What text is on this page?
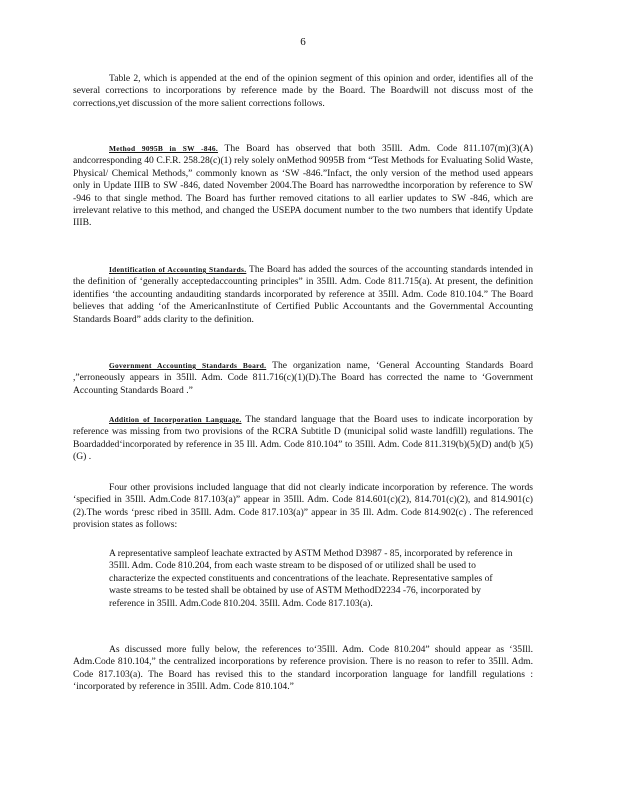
6

Table 2, which is appended at the end of the opinion segment of this opinion and order, identifies all of the several corrections to incorporations by reference made by the Board. The Boardwill not discuss most of the corrections,yet discussion of the more salient corrections follows.

Method 9095B in SW -846. The Board has observed that both 35Ill. Adm. Code 811.107(m)(3)(A) andcorresponding 40 C.F.R. 258.28(c)(1) rely solely onMethod 9095B from “Test Methods for Evaluating Solid Waste, Physical/ Chemical Methods,” commonly known as ‘SW -846.”Infact, the only version of the method used appears only in Update IIIB to SW -846, dated November 2004.The Board has narrowedthe incorporation by reference to SW -946 to that single method. The Board has further removed citations to all earlier updates to SW -846, which are irrelevant relative to this method, and changed the USEPA document number to the two numbers that identify Update IIIB.

Identification of Accounting Standards. The Board has added the sources of the accounting standards intended in the definition of ‘generally acceptedaccounting principles” in 35Ill. Adm. Code 811.715(a). At present, the definition identifies ‘the accounting andauditing standards incorporated by reference at 35Ill. Adm. Code 810.104.” The Board believes that adding ‘of the AmericanInstitute of Certified Public Accountants and the Governmental Accounting Standards Board” adds clarity to the definition.

Government Accounting Standards Board. The organization name, ‘General Accounting Standards Board ,”erroneously appears in 35Ill. Adm. Code 811.716(c)(1)(D).The Board has corrected the name to ‘Government Accounting Standards Board .”

Addition of Incorporation Language. The standard language that the Board uses to indicate incorporation by reference was missing from two provisions of the RCRA Subtitle D (municipal solid waste landfill) regulations. The Boardadded‘incorporated by reference in 35 Ill. Adm. Code 810.104” to 35Ill. Adm. Code 811.319(b)(5)(D) and(b )(5)(G) .

Four other provisions included language that did not clearly indicate incorporation by reference. The words ‘specified in 35Ill. Adm.Code 817.103(a)” appear in 35Ill. Adm. Code 814.601(c)(2), 814.701(c)(2), and 814.901(c)(2).The words ‘presc ribed in 35Ill. Adm. Code 817.103(a)” appear in 35 Ill. Adm. Code 814.902(c) . The referenced provision states as follows:

A representative sampleof leachate extracted by ASTM Method D3987 - 85, incorporated by reference in 35Ill. Adm. Code 810.204, from each waste stream to be disposed of or utilized shall be used to characterize the expected constituents and concentrations of the leachate. Representative samples of waste streams to be tested shall be obtained by use of ASTM MethodD2234 -76, incorporated by reference in 35Ill. Adm.Code 810.204. 35Ill. Adm. Code 817.103(a).

As discussed more fully below, the references to‘35Ill. Adm. Code 810.204” should appear as ‘35Ill. Adm.Code 810.104,” the centralized incorporations by reference provision. There is no reason to refer to 35Ill. Adm. Code 817.103(a). The Board has revised this to the standard incorporation language for landfill regulations : ‘incorporated by reference in 35Ill. Adm. Code 810.104.”
